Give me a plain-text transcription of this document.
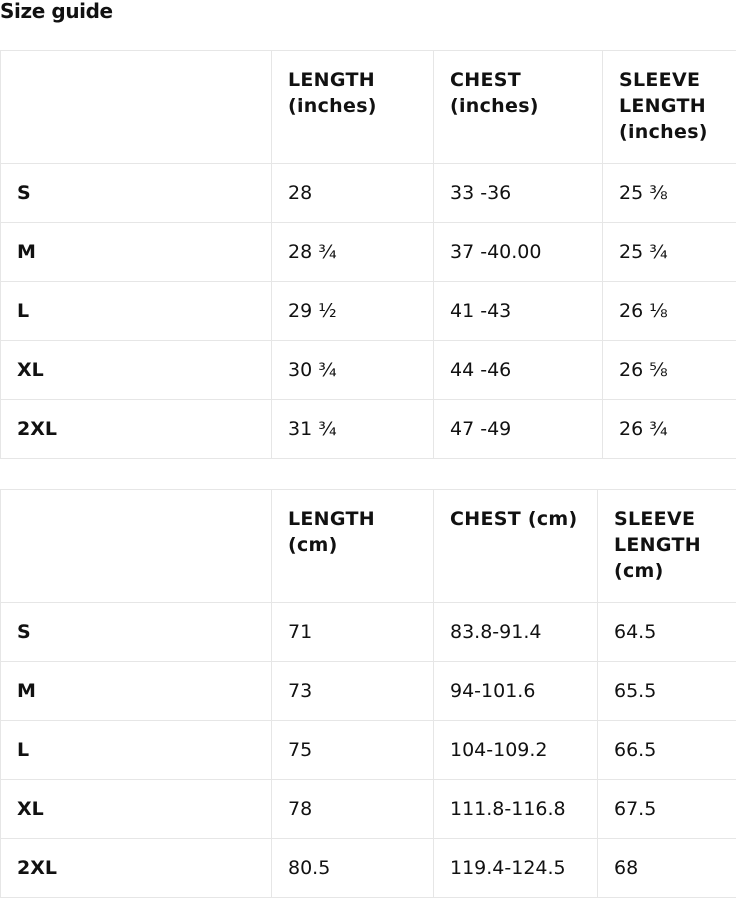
Size guide
	LENGTH (inches)	CHEST (inches)	SLEEVE LENGTH (inches)
S	28	33 -36	25 ⅜
M	28 ¾	37 -40.00	25 ¾
L	29 ½	41 -43	26 ⅛
XL	30 ¾	44 -46	26 ⅝
2XL	31 ¾	47 -49	26 ¾
	LENGTH (cm)	CHEST (cm)	SLEEVE LENGTH (cm)
S	71	83.8-91.4	64.5
M	73	94-101.6	65.5
L	75	104-109.2	66.5
XL	78	111.8-116.8	67.5
2XL	80.5	119.4-124.5	68
